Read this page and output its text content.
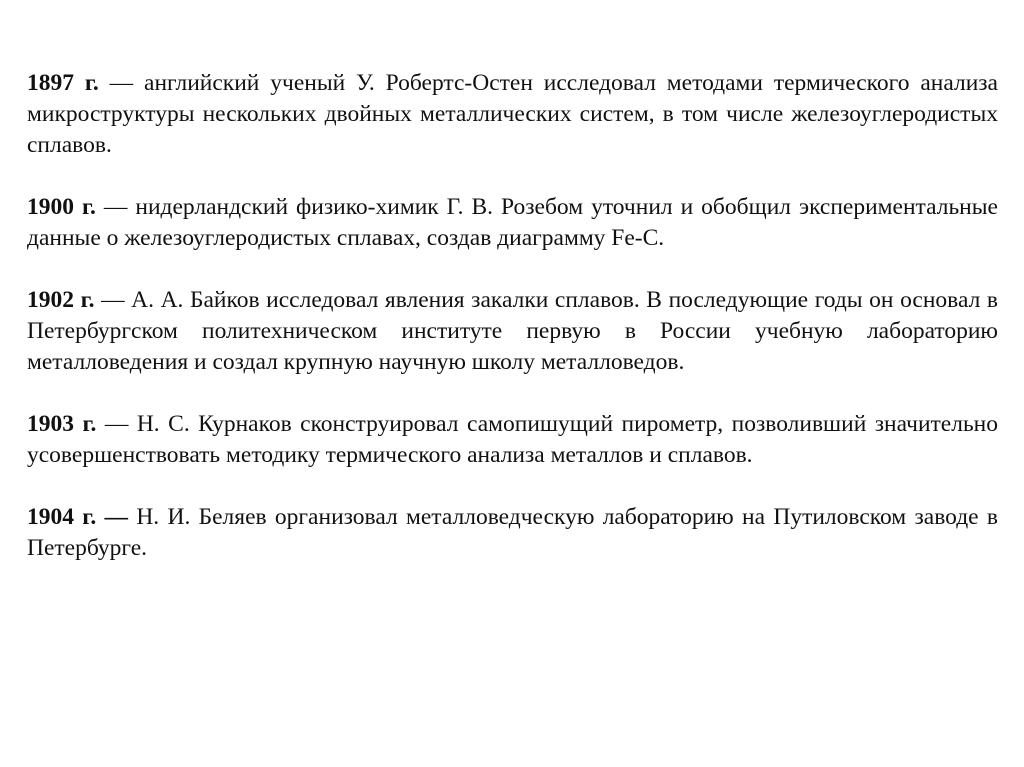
1897 г. — английский ученый У. Робертс-Остен исследовал методами термического анализа микроструктуры нескольких двойных металлических систем, в том числе железоуглеродистых сплавов.

1900 г. — нидерландский физико-химик Г. В. Розебом уточнил и обобщил экспериментальные данные о железоуглеродистых сплавах, создав диаграмму Fe-C.

1902 г. — А. А. Байков исследовал явления закалки сплавов. В последующие годы он основал в Петербургском политехническом институте первую в России учебную лабораторию металловедения и создал крупную научную школу металловедов.

1903 г. — Н. С. Курнаков сконструировал самопишущий пирометр, позволивший значительно усовершенствовать методику термического анализа металлов и сплавов.

1904 г. — Н. И. Беляев организовал металловедческую лабораторию на Путиловском заводе в Петербурге.
